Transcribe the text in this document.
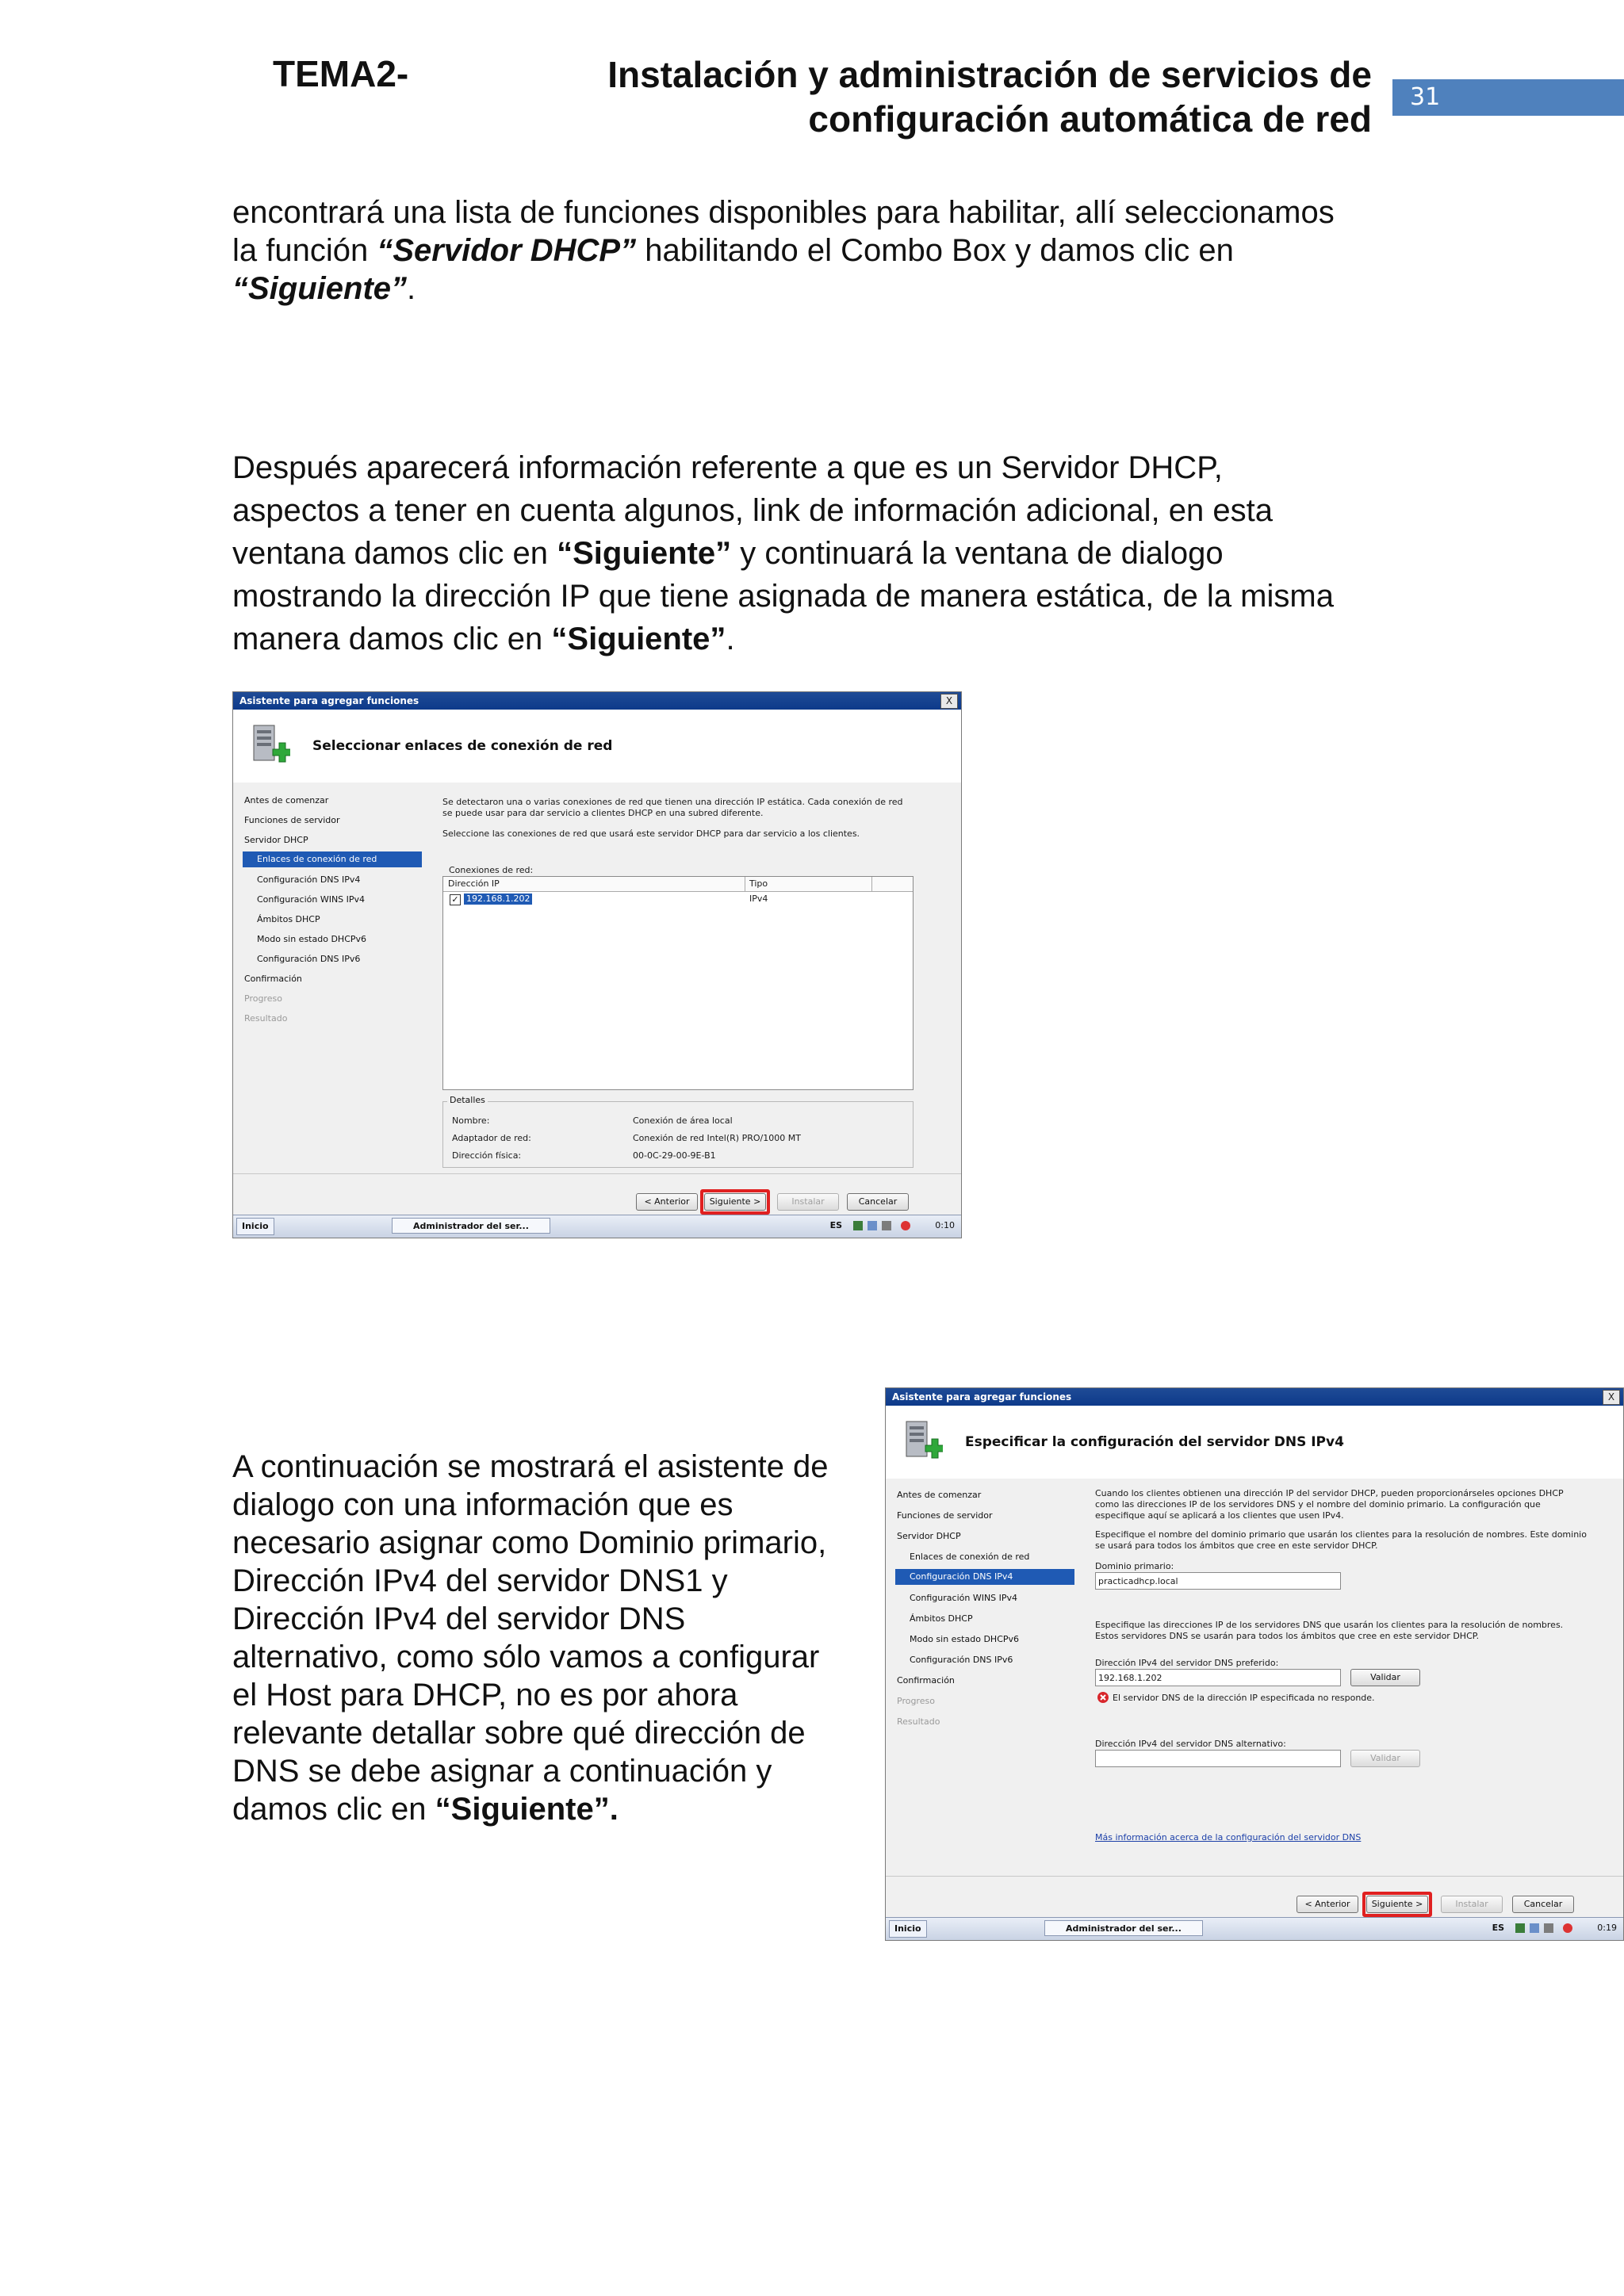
TEMA2-	Instalación y administración de servicios de
configuración automática de red
31
encontrará una lista de funciones disponibles para habilitar, allí seleccionamos
la función “Servidor DHCP” habilitando el Combo Box y damos clic en
“Siguiente”.
Después aparecerá información referente a que es un Servidor DHCP,
aspectos a tener en cuenta algunos, link de información adicional, en esta
ventana damos clic en “Siguiente” y continuará la ventana de dialogo
mostrando la dirección IP que tiene asignada de manera estática, de la misma
manera damos clic en “Siguiente”.
Asistente para agregar funciones	X
Seleccionar enlaces de conexión de red
Antes de comenzar
Funciones de servidor
Servidor DHCP
Enlaces de conexión de red
Configuración DNS IPv4
Configuración WINS IPv4
Ámbitos DHCP
Modo sin estado DHCPv6
Configuración DNS IPv6
Confirmación
Progreso
Resultado
Se detectaron una o varias conexiones de red que tienen una dirección IP estática. Cada conexión de red
se puede usar para dar servicio a clientes DHCP en una subred diferente.
Seleccione las conexiones de red que usará este servidor DHCP para dar servicio a los clientes.
Conexiones de red:
Dirección IP	Tipo
✓ 192.168.1.202	IPv4
Detalles
Nombre:	Conexión de área local
Adaptador de red:	Conexión de red Intel(R) PRO/1000 MT
Dirección física:	00-0C-29-00-9E-B1
< Anterior	Siguiente >	Instalar	Cancelar
Inicio	Administrador del ser...	ES	0:10
A continuación se mostrará el asistente de
dialogo con una información que es
necesario asignar como Dominio primario,
Dirección IPv4 del servidor DNS1 y
Dirección IPv4 del servidor DNS
alternativo, como sólo vamos a configurar
el Host para DHCP, no es por ahora
relevante detallar sobre qué dirección de
DNS se debe asignar a continuación y
damos clic en “Siguiente”.
Asistente para agregar funciones	X
Especificar la configuración del servidor DNS IPv4
Antes de comenzar
Funciones de servidor
Servidor DHCP
Enlaces de conexión de red
Configuración DNS IPv4
Configuración WINS IPv4
Ámbitos DHCP
Modo sin estado DHCPv6
Configuración DNS IPv6
Confirmación
Progreso
Resultado
Cuando los clientes obtienen una dirección IP del servidor DHCP, pueden proporcionárseles opciones DHCP
como las direcciones IP de los servidores DNS y el nombre del dominio primario. La configuración que
especifique aquí se aplicará a los clientes que usen IPv4.
Especifique el nombre del dominio primario que usarán los clientes para la resolución de nombres. Este dominio
se usará para todos los ámbitos que cree en este servidor DHCP.
Dominio primario:
practicadhcp.local
Especifique las direcciones IP de los servidores DNS que usarán los clientes para la resolución de nombres.
Estos servidores DNS se usarán para todos los ámbitos que cree en este servidor DHCP.
Dirección IPv4 del servidor DNS preferido:
192.168.1.202	Validar
El servidor DNS de la dirección IP especificada no responde.
Dirección IPv4 del servidor DNS alternativo:
Validar
Más información acerca de la configuración del servidor DNS
< Anterior	Siguiente >	Instalar	Cancelar
Inicio	Administrador del ser...	ES	0:19
